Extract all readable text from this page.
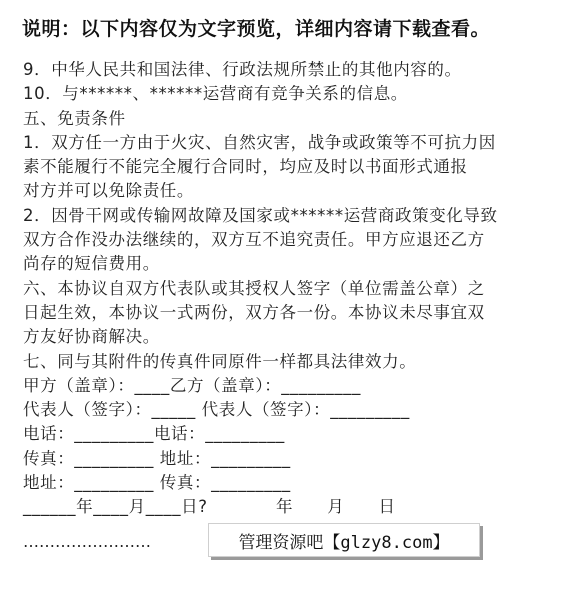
说明：以下内容仅为文字预览，详细内容请下载查看。
9．中华人民共和国法律、行政法规所禁止的其他内容的。
10．与******、******运营商有竞争关系的信息。
五、免责条件
1．双方任一方由于火灾、自然灾害，战争或政策等不可抗力因
素不能履行不能完全履行合同时，均应及时以书面形式通报
对方并可以免除责任。
2．因骨干网或传输网故障及国家或******运营商政策变化导致
双方合作没办法继续的，双方互不追究责任。甲方应退还乙方
尚存的短信费用。
六、本协议自双方代表队或其授权人签字（单位需盖公章）之
日起生效，本协议一式两份，双方各一份。本协议未尽事宜双
方友好协商解决。
七、同与其附件的传真件同原件一样都具法律效力。
甲方（盖章）：____乙方（盖章）：_________
代表人（签字）：_____ 代表人（签字）：_________
电话：_________电话：_________
传真：_________ 地址：_________
地址：_________ 传真：_________
______年____月____日?　　　　年　　月　　日
……………………	管理资源吧【glzy8.com】
